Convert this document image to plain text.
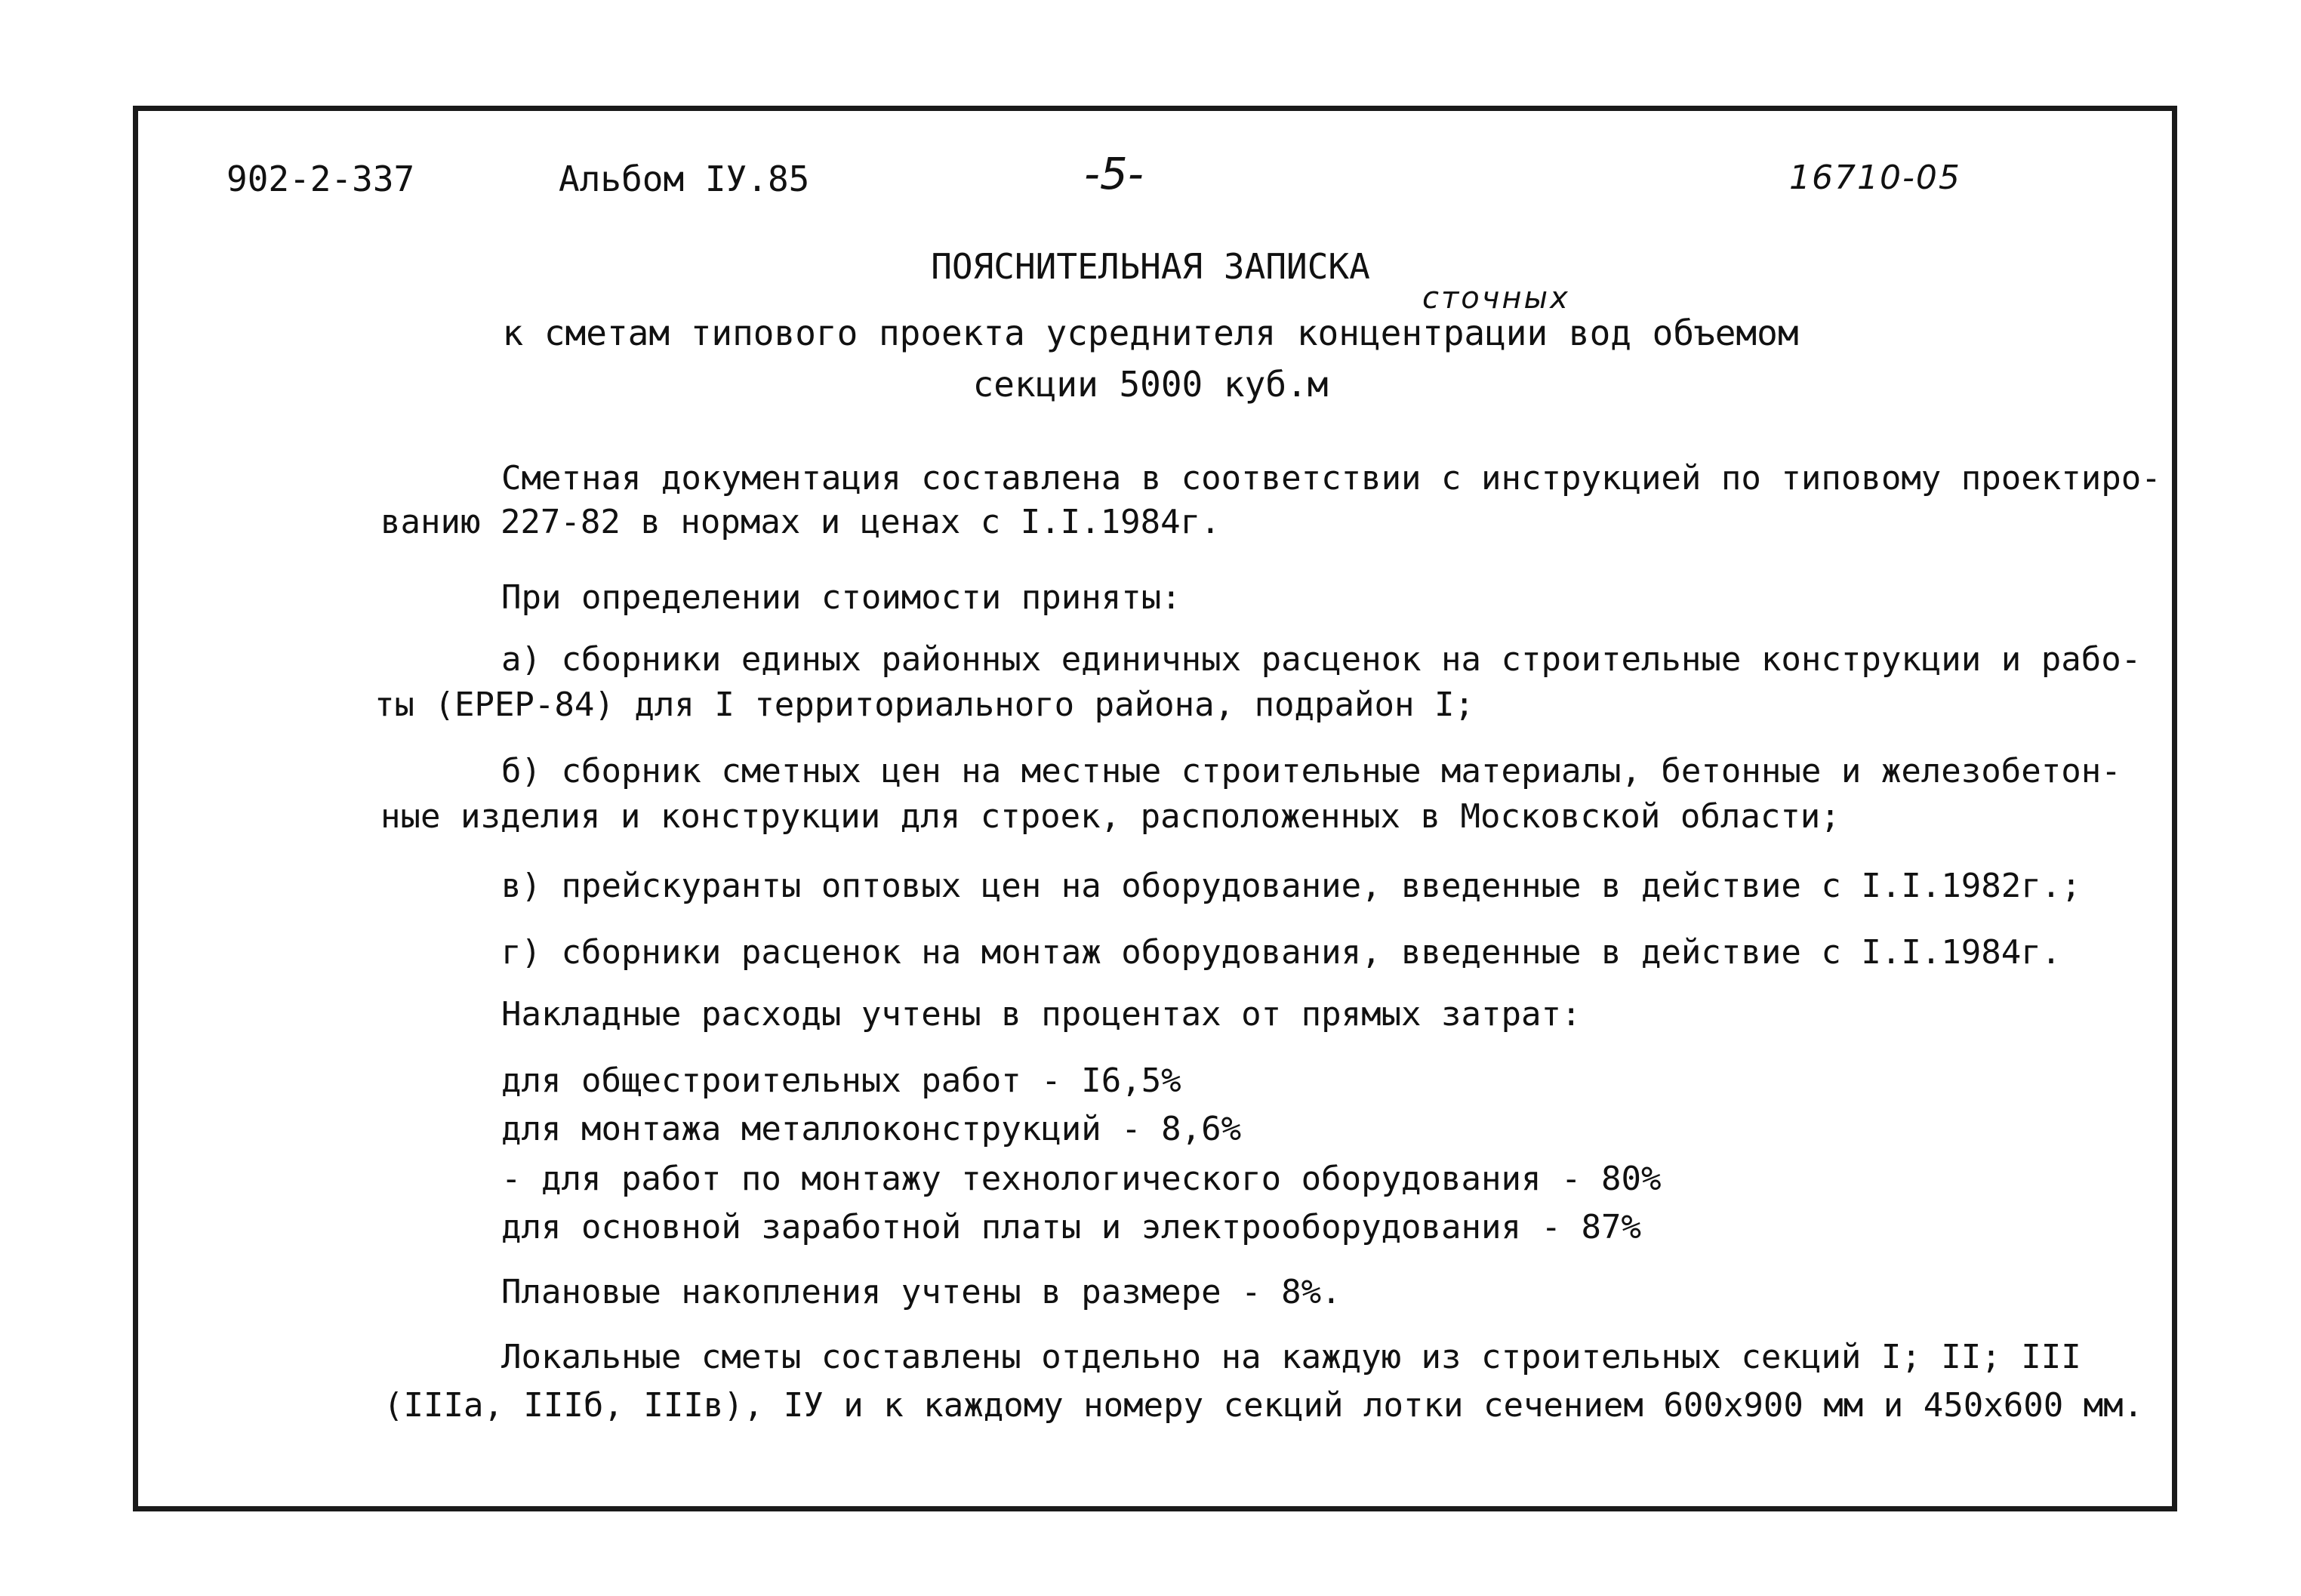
902-2-337	Альбом IУ.85	-5-	16710-05
ПОЯСНИТЕЛЬНАЯ ЗАПИСКА
сточных
к сметам типового проекта усреднителя концентрации вод объемом
секции 5000 куб.м
Сметная документация составлена в соответствии с инструкцией по типовому проектиро-
ванию 227-82 в нормах и ценах с I.I.1984г.
При определении стоимости приняты:
а) сборники единых районных единичных расценок на строительные конструкции и рабо-
ты (ЕРЕР-84) для I территориального района, подрайон I;
б) сборник сметных цен на местные строительные материалы, бетонные и железобетон-
ные изделия и конструкции для строек, расположенных в Московской области;
в) прейскуранты оптовых цен на оборудование, введенные в действие с I.I.1982г.;
г) сборники расценок на монтаж оборудования, введенные в действие с I.I.1984г.
Накладные расходы учтены в процентах от прямых затрат:
для общестроительных работ - I6,5%
для монтажа металлоконструкций - 8,6%
- для работ по монтажу технологического оборудования - 80%
для основной заработной платы и электрооборудования - 87%
Плановые накопления учтены в размере - 8%.
Локальные сметы составлены отдельно на каждую из строительных секций I; II; III
(IIIа, IIIб, IIIв), IУ и к каждому номеру секций лотки сечением 600х900 мм и 450х600 мм.
